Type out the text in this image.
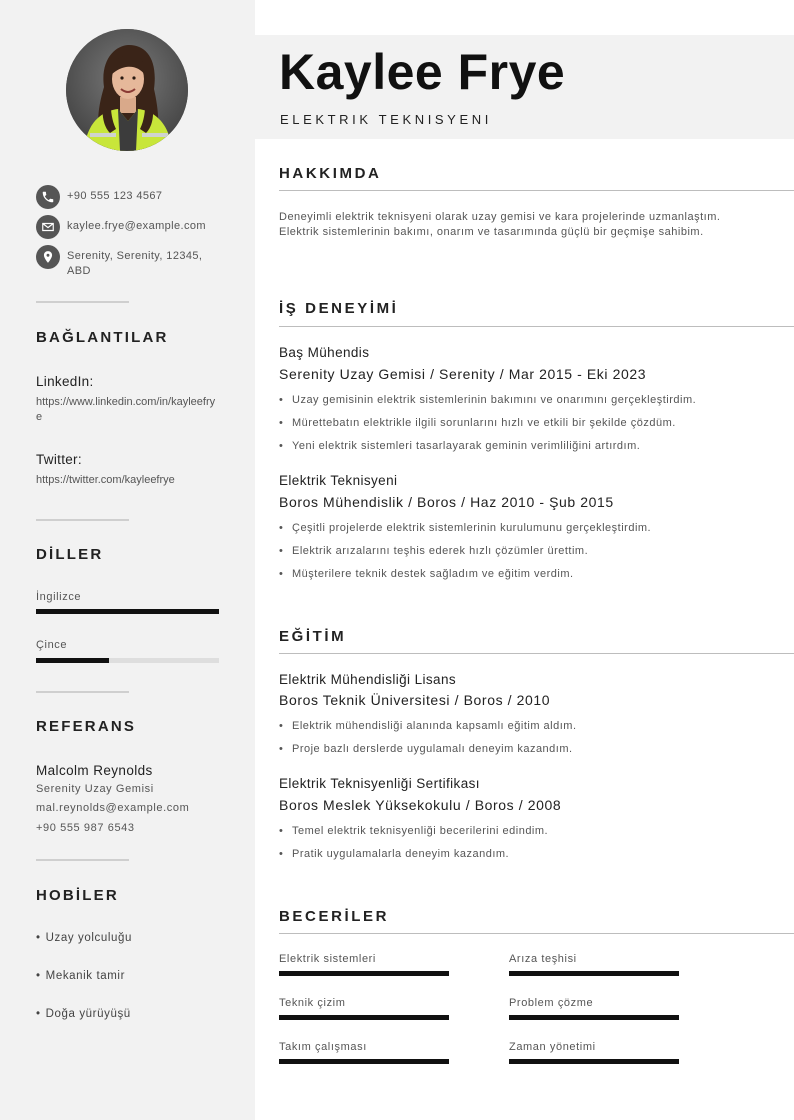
+90 555 123 4567
kaylee.frye@example.com
Serenity, Serenity, 12345, ABD
BAĞLANTILAR
LinkedIn:
https://www.linkedin.com/in/kayleefrye
Twitter:
https://twitter.com/kayleefrye
DİLLER
İngilizce
Çince
REFERANS
Malcolm Reynolds
Serenity Uzay Gemisi
mal.reynolds@example.com
+90 555 987 6543
HOBİLER
• Uzay yolculuğu
• Mekanik tamir
• Doğa yürüyüşü
Kaylee Frye
ELEKTRIK TEKNISYENI
HAKKIMDA
Deneyimli elektrik teknisyeni olarak uzay gemisi ve kara projelerinde uzmanlaştım. Elektrik sistemlerinin bakımı, onarım ve tasarımında güçlü bir geçmişe sahibim.
İŞ DENEYİMİ
Baş Mühendis
Serenity Uzay Gemisi / Serenity / Mar 2015 - Eki 2023
• Uzay gemisinin elektrik sistemlerinin bakımını ve onarımını gerçekleştirdim.
• Mürettebatın elektrikle ilgili sorunlarını hızlı ve etkili bir şekilde çözdüm.
• Yeni elektrik sistemleri tasarlayarak geminin verimliliğini artırdım.
Elektrik Teknisyeni
Boros Mühendislik / Boros / Haz 2010 - Şub 2015
• Çeşitli projelerde elektrik sistemlerinin kurulumunu gerçekleştirdim.
• Elektrik arızalarını teşhis ederek hızlı çözümler ürettim.
• Müşterilere teknik destek sağladım ve eğitim verdim.
EĞİTİM
Elektrik Mühendisliği Lisans
Boros Teknik Üniversitesi / Boros / 2010
• Elektrik mühendisliği alanında kapsamlı eğitim aldım.
• Proje bazlı derslerde uygulamalı deneyim kazandım.
Elektrik Teknisyenliği Sertifikası
Boros Meslek Yüksekokulu / Boros / 2008
• Temel elektrik teknisyenliği becerilerini edindim.
• Pratik uygulamalarla deneyim kazandım.
BECERİLER
Elektrik sistemleri	Arıza teşhisi
Teknik çizim	Problem çözme
Takım çalışması	Zaman yönetimi
